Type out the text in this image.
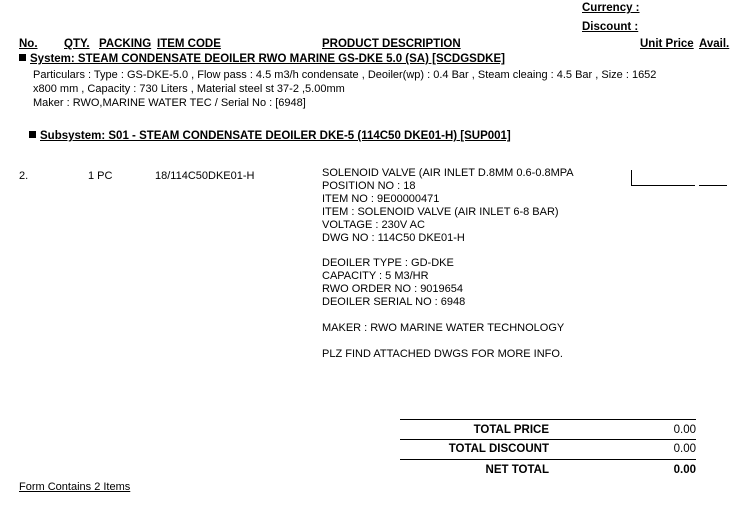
Currency :
Discount :
No. QTY. PACKING ITEM CODE	PRODUCT DESCRIPTION	Unit Price Avail.
System: STEAM CONDENSATE DEOILER RWO MARINE GS-DKE 5.0 (SA) [SCDGSDKE]
Particulars : Type : GS-DKE-5.0 , Flow pass : 4.5 m3/h condensate , Deoiler(wp) : 0.4 Bar , Steam cleaing : 4.5 Bar , Size : 1652
x800 mm , Capacity : 730 Liters , Material steel st 37-2 ,5.00mm
Maker : RWO,MARINE WATER TEC / Serial No : [6948]
Subsystem: S01 - STEAM CONDENSATE DEOILER DKE-5 (114C50 DKE01-H) [SUP001]
2.	1 PC	18/114C50DKE01-H	SOLENOID VALVE (AIR INLET D.8MM 0.6-0.8MPA
POSITION NO : 18
ITEM NO : 9E00000471
ITEM : SOLENOID VALVE (AIR INLET 6-8 BAR)
VOLTAGE : 230V AC
DWG NO : 114C50 DKE01-H
DEOILER TYPE : GD-DKE
CAPACITY : 5 M3/HR
RWO ORDER NO : 9019654
DEOILER SERIAL NO : 6948
MAKER : RWO MARINE WATER TECHNOLOGY
PLZ FIND ATTACHED DWGS FOR MORE INFO.
TOTAL PRICE	0.00
TOTAL DISCOUNT	0.00
NET TOTAL	0.00
Form Contains 2 Items
